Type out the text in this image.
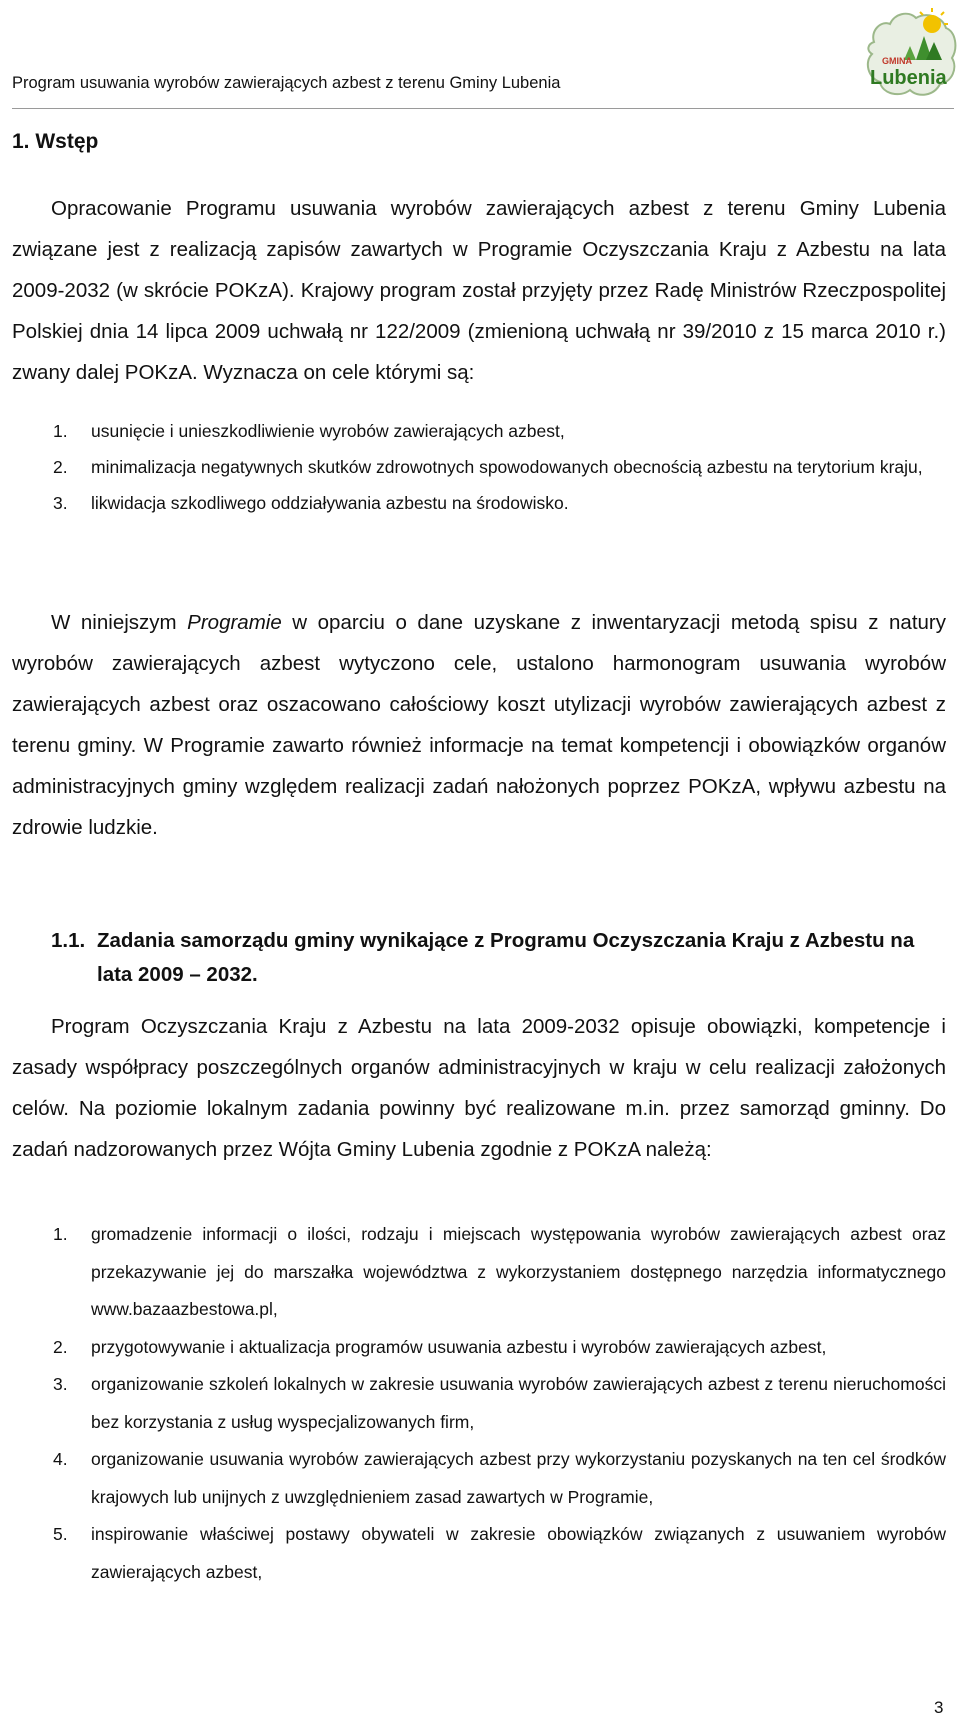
Program usuwania wyrobów zawierających azbest z terenu Gminy Lubenia
GMINA
Lubenia
1. Wstęp

Opracowanie Programu usuwania wyrobów zawierających azbest z terenu Gminy Lubenia związane jest z realizacją zapisów zawartych w Programie Oczyszczania Kraju z Azbestu na lata 2009-2032 (w skrócie POKzA). Krajowy program został przyjęty przez Radę Ministrów Rzeczpospolitej Polskiej dnia 14 lipca 2009 uchwałą nr 122/2009 (zmienioną uchwałą nr 39/2010 z 15 marca 2010 r.) zwany dalej POKzA. Wyznacza on cele którymi są:

1. usunięcie i unieszkodliwienie wyrobów zawierających azbest,
2. minimalizacja negatywnych skutków zdrowotnych spowodowanych obecnością azbestu na terytorium kraju,
3. likwidacja szkodliwego oddziaływania azbestu na środowisko.

W niniejszym Programie w oparciu o dane uzyskane z inwentaryzacji metodą spisu z natury wyrobów zawierających azbest wytyczono cele, ustalono harmonogram usuwania wyrobów zawierających azbest oraz oszacowano całościowy koszt utylizacji wyrobów zawierających azbest z terenu gminy. W Programie zawarto również informacje na temat kompetencji i obowiązków organów administracyjnych gminy względem realizacji zadań nałożonych poprzez POKzA, wpływu azbestu na zdrowie ludzkie.

1.1. Zadania samorządu gminy wynikające z Programu Oczyszczania Kraju z Azbestu na lata 2009 – 2032.

Program Oczyszczania Kraju z Azbestu na lata 2009-2032 opisuje obowiązki, kompetencje i zasady współpracy poszczególnych organów administracyjnych w kraju w celu realizacji założonych celów. Na poziomie lokalnym zadania powinny być realizowane m.in. przez samorząd gminny. Do zadań nadzorowanych przez Wójta Gminy Lubenia zgodnie z POKzA należą:

1. gromadzenie informacji o ilości, rodzaju i miejscach występowania wyrobów zawierających azbest oraz przekazywanie jej do marszałka województwa z wykorzystaniem dostępnego narzędzia informatycznego www.bazaazbestowa.pl,
2. przygotowywanie i aktualizacja programów usuwania azbestu i wyrobów zawierających azbest,
3. organizowanie szkoleń lokalnych w zakresie usuwania wyrobów zawierających azbest z terenu nieruchomości bez korzystania z usług wyspecjalizowanych firm,
4. organizowanie usuwania wyrobów zawierających azbest przy wykorzystaniu pozyskanych na ten cel środków krajowych lub unijnych z uwzględnieniem zasad zawartych w Programie,
5. inspirowanie właściwej postawy obywateli w zakresie obowiązków związanych z usuwaniem wyrobów zawierających azbest,
3
